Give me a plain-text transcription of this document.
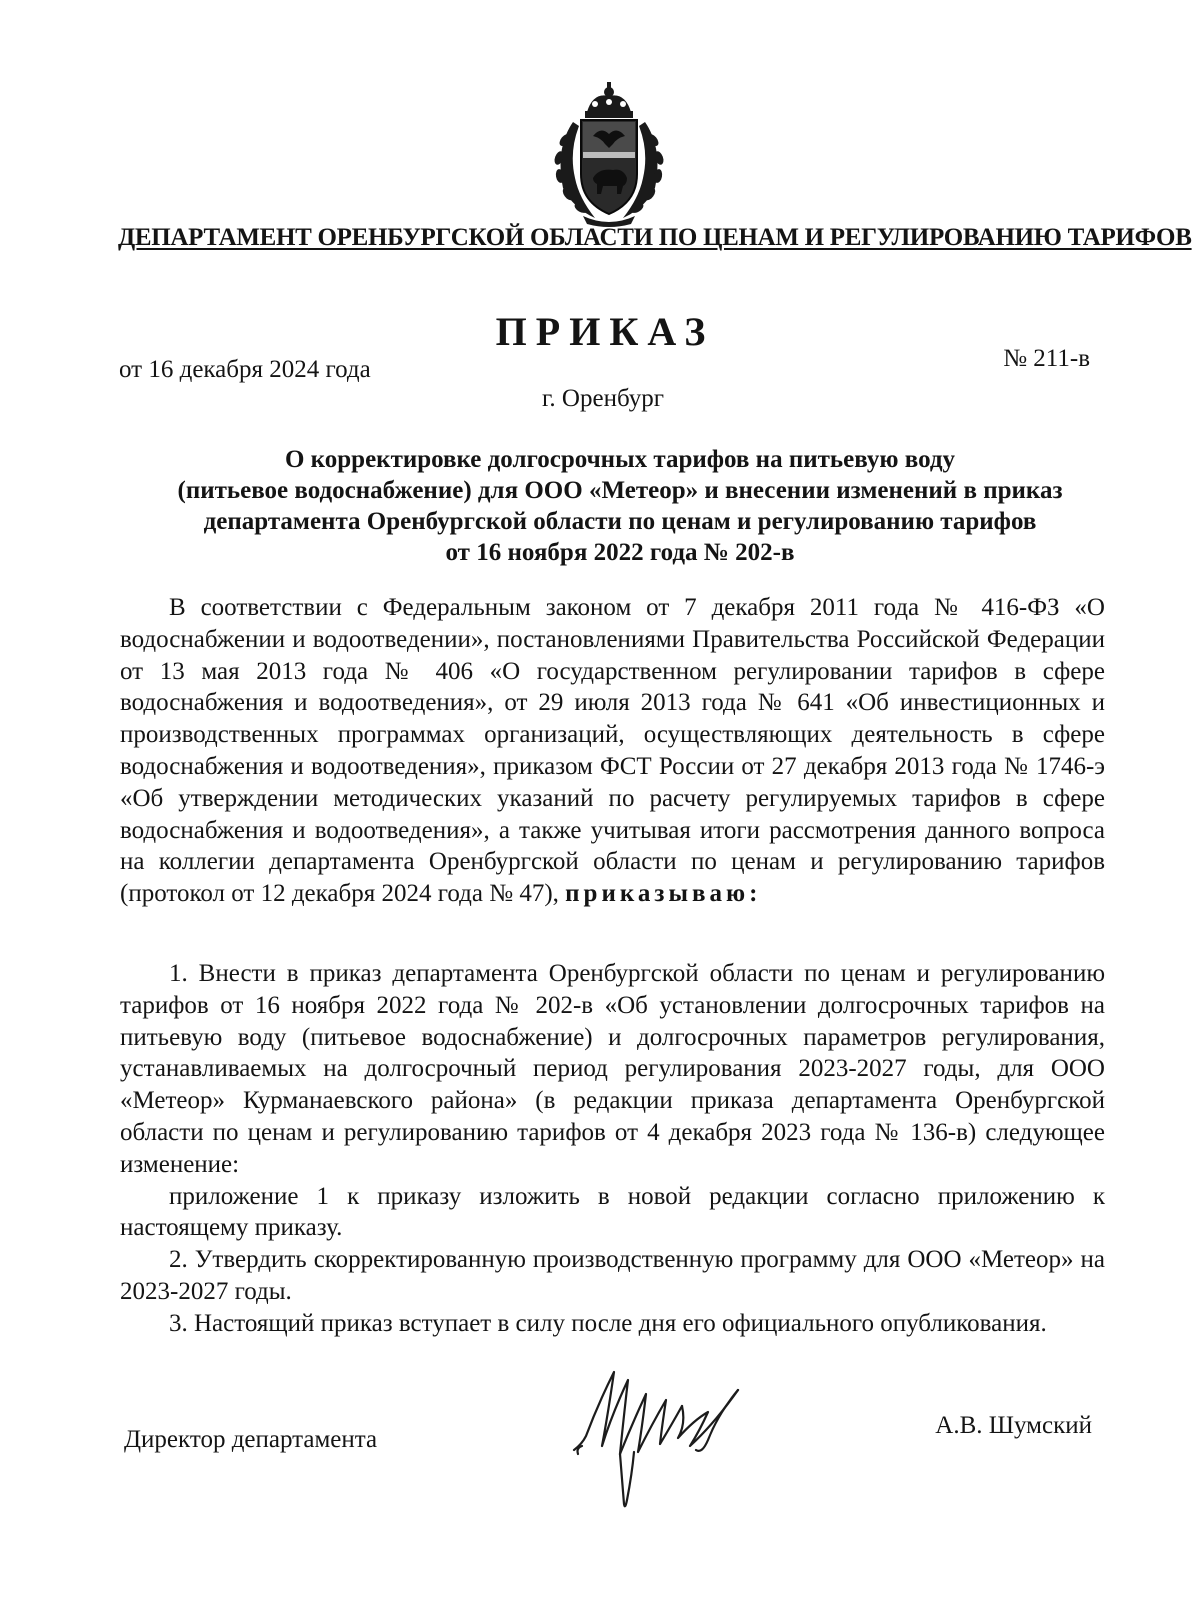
ДЕПАРТАМЕНТ ОРЕНБУРГСКОЙ ОБЛАСТИ ПО ЦЕНАМ И РЕГУЛИРОВАНИЮ ТАРИФОВ
ПРИКАЗ
от 16 декабря 2024 года	№ 211-в
г. Оренбург
О корректировке долгосрочных тарифов на питьевую воду
(питьевое водоснабжение) для ООО «Метеор» и внесении изменений в приказ
департамента Оренбургской области по ценам и регулированию тарифов
от 16 ноября 2022 года № 202-в

В соответствии с Федеральным законом от 7 декабря 2011 года № 416-ФЗ «О водоснабжении и водоотведении», постановлениями Правительства Российской Федерации от 13 мая 2013 года № 406 «О государственном регулировании тарифов в сфере водоснабжения и водоотведения», от 29 июля 2013 года № 641 «Об инвестиционных и производственных программах организаций, осуществляющих деятельность в сфере водоснабжения и водоотведения», приказом ФСТ России от 27 декабря 2013 года № 1746-э «Об утверждении методических указаний по расчету регулируемых тарифов в сфере водоснабжения и водоотведения», а также учитывая итоги рассмотрения данного вопроса на коллегии департамента Оренбургской области по ценам и регулированию тарифов (протокол от 12 декабря 2024 года № 47), приказываю:

1. Внести в приказ департамента Оренбургской области по ценам и регулированию тарифов от 16 ноября 2022 года № 202-в «Об установлении долгосрочных тарифов на питьевую воду (питьевое водоснабжение) и долгосрочных параметров регулирования, устанавливаемых на долгосрочный период регулирования 2023-2027 годы, для ООО «Метеор» Курманаевского района» (в редакции приказа департамента Оренбургской области по ценам и регулированию тарифов от 4 декабря 2023 года № 136-в) следующее изменение:

приложение 1 к приказу изложить в новой редакции согласно приложению к настоящему приказу.

2. Утвердить скорректированную производственную программу для ООО «Метеор» на 2023-2027 годы.

3. Настоящий приказ вступает в силу после дня его официального опубликования.

Директор департамента
А.В. Шумский
